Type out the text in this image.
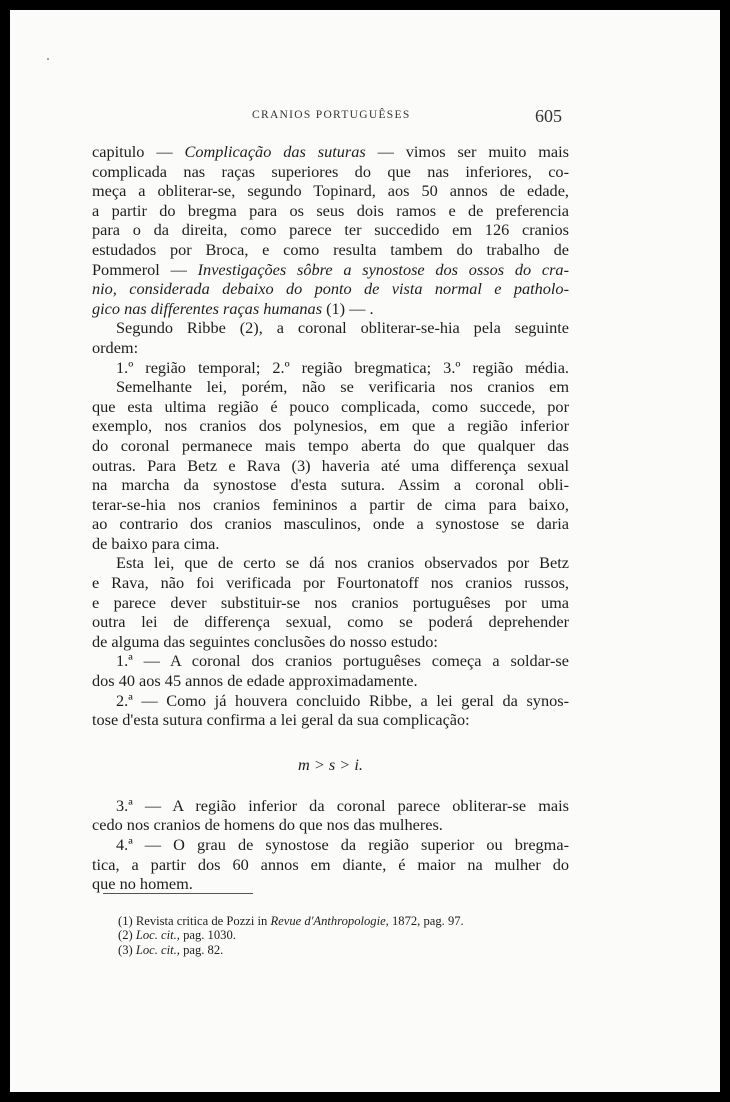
CRANIOS PORTUGUÊSES	605
capitulo — Complicação das suturas — vimos ser muito mais
complicada nas raças superiores do que nas inferiores, co-
meça a obliterar-se, segundo Topinard, aos 50 annos de edade,
a partir do bregma para os seus dois ramos e de preferencia
para o da direita, como parece ter succedido em 126 cranios
estudados por Broca, e como resulta tambem do trabalho de
Pommerol — Investigações sôbre a synostose dos ossos do cra-
nio, considerada debaixo do ponto de vista normal e patholo-
gico nas differentes raças humanas (1) — .
Segundo Ribbe (2), a coronal obliterar-se-hia pela seguinte
ordem:
1.º região temporal; 2.º região bregmatica; 3.º região média.
Semelhante lei, porém, não se verificaria nos cranios em
que esta ultima região é pouco complicada, como succede, por
exemplo, nos cranios dos polynesios, em que a região inferior
do coronal permanece mais tempo aberta do que qualquer das
outras. Para Betz e Rava (3) haveria até uma differença sexual
na marcha da synostose d'esta sutura. Assim a coronal obli-
terar-se-hia nos cranios femininos a partir de cima para baixo,
ao contrario dos cranios masculinos, onde a synostose se daria
de baixo para cima.
Esta lei, que de certo se dá nos cranios observados por Betz
e Rava, não foi verificada por Fourtonatoff nos cranios russos,
e parece dever substituir-se nos cranios portuguêses por uma
outra lei de differença sexual, como se poderá deprehender
de alguma das seguintes conclusões do nosso estudo:
1.ª — A coronal dos cranios portuguêses começa a soldar-se
dos 40 aos 45 annos de edade approximadamente.
2.ª — Como já houvera concluido Ribbe, a lei geral da synos-
tose d'esta sutura confirma a lei geral da sua complicação:
m > s > i.
3.ª — A região inferior da coronal parece obliterar-se mais
cedo nos cranios de homens do que nos das mulheres.
4.ª — O grau de synostose da região superior ou bregma-
tica, a partir dos 60 annos em diante, é maior na mulher do
que no homem.
(1) Revista critica de Pozzi in Revue d'Anthropologie, 1872, pag. 97.
(2) Loc. cit., pag. 1030.
(3) Loc. cit., pag. 82.
